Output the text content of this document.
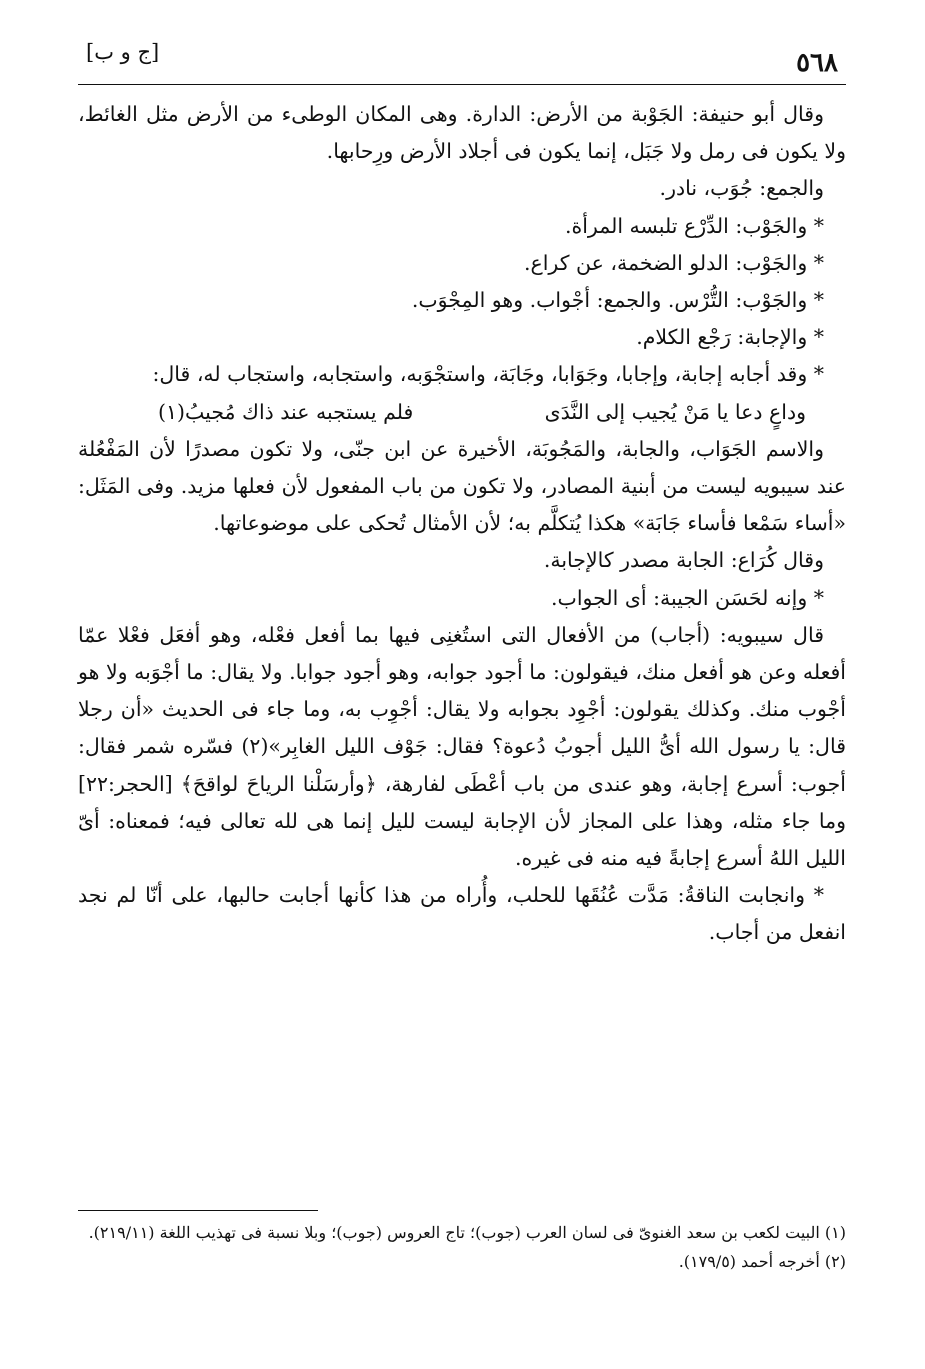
٥٦٨
[ج و ب]

وقال أبو حنيفة: الجَوْبة من الأرض: الدارة. وهى المكان الوطىء من الأرض مثل الغائط، ولا يكون فى رمل ولا جَبَل، إنما يكون فى أجلاد الأرض ورِحابها.

والجمع: جُوَب، نادر.

* والجَوْب: الدِّرْع تلبسه المرأة.

* والجَوْب: الدلو الضخمة، عن كراع.

* والجَوْب: التُّرْس. والجمع: أجْواب. وهو المِجْوَب.

* والإجابة: رَجْع الكلام.

* وقد أجابه إجابة، وإجابا، وجَوَابا، وجَابَة، واستجْوَبه، واستجابه، واستجاب له، قال:

وداعٍ دعا يا مَنْ يُجيب إلى النَّدَى
فلم يستجبه عند ذاك مُجيبُ(١)

والاسم الجَوَاب، والجابة، والمَجُوبَة، الأخيرة عن ابن جنّى، ولا تكون مصدرًا لأن المَفْعُلة عند سيبويه ليست من أبنية المصادر، ولا تكون من باب المفعول لأن فعلها مزيد. وفى المَثَل: «أساء سَمْعا فأساء جَابَة» هكذا يُتكلَّم به؛ لأن الأمثال تُحكى على موضوعاتها.

وقال كُرَاع: الجابة مصدر كالإجابة.

* وإنه لحَسَن الجيبة: أى الجواب.

قال سيبويه: (أجاب) من الأفعال التى استُغنِى فيها بما أفعل فعْله، وهو أفعَل فعْلا عمّا أفعله وعن هو أفعل منك، فيقولون: ما أجود جوابه، وهو أجود جوابا. ولا يقال: ما أجْوَبه ولا هو أجْوب منك. وكذلك يقولون: أجْوِد بجوابه ولا يقال: أجْوِب به، وما جاء فى الحديث «أن رجلا قال: يا رسول الله أىُّ الليل أجوبُ دُعوة؟ فقال: جَوْف الليل الغابِر»(٢) فسّره شمر فقال: أجوب: أسرع إجابة، وهو عندى من باب أعْطَى لفارهة، ﴿وأرسَلْنا الرياحَ لواقحَ﴾ [الحجر:٢٢] وما جاء مثله، وهذا على المجاز لأن الإجابة ليست لليل إنما هى لله تعالى فيه؛ فمعناه: أىّ الليل اللهُ أسرع إجابةً فيه منه فى غيره.

* وانجابت الناقةُ: مَدَّت عُنُقَها للحلب، وأُراه من هذا كأنها أجابت حالبها، على أنّا لم نجد انفعل من أجاب.

(١) البيت لكعب بن سعد الغنوىّ فى لسان العرب (جوب)؛ تاج العروس (جوب)؛ وبلا نسبة فى تهذيب اللغة (٢١٩/١١).

(٢) أخرجه أحمد (١٧٩/٥).
